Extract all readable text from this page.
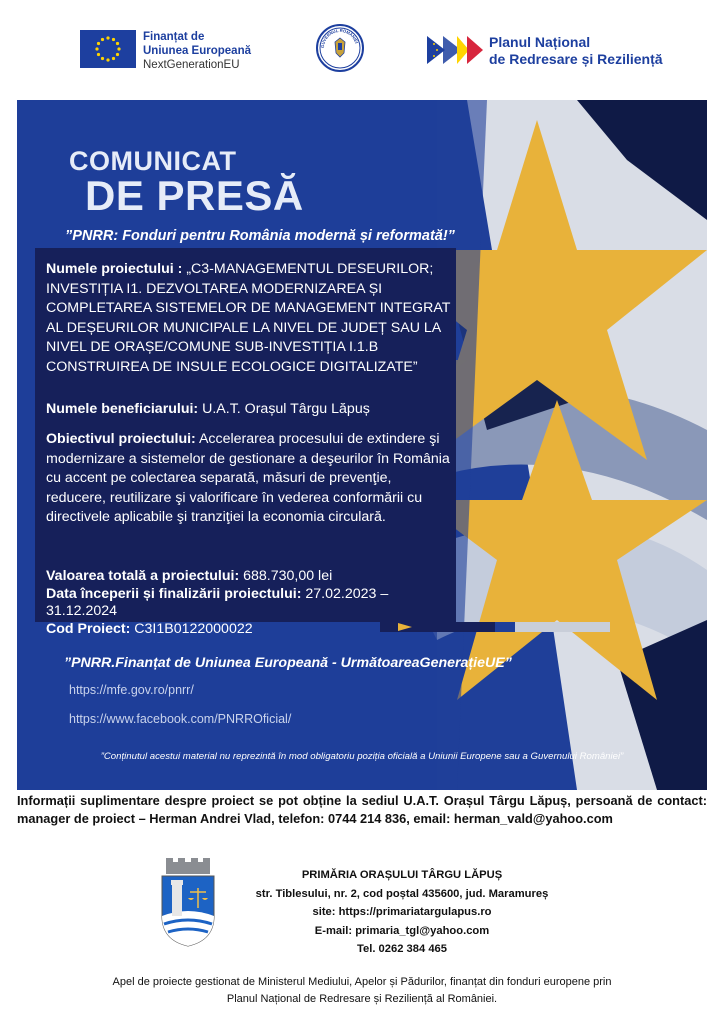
Finanțat de
Uniunea Europeană
NextGenerationEU
GUVERNUL ROMÂNIEI	Planul Național
de Redresare și Reziliență
COMUNICAT
DE PRESĂ
”PNRR: Fonduri pentru România modernă și reformată!”
Numele proiectului : „C3-MANAGEMENTUL DESEURILOR; INVESTIȚIA I1. DEZVOLTAREA MODERNIZAREA ȘI COMPLETAREA SISTEMELOR DE MANAGEMENT INTEGRAT AL DEȘEURILOR MUNICIPALE LA NIVEL DE JUDEȚ SAU LA NIVEL DE ORAȘE/COMUNE SUB-INVESTIȚIA I.1.B CONSTRUIREA DE INSULE ECOLOGICE DIGITALIZATE”
Numele beneficiarului: U.A.T. Orașul Târgu Lăpuș
Obiectivul proiectului: Accelerarea procesului de extindere şi modernizare a sistemelor de gestionare a deşeurilor în România cu accent pe colectarea separată, măsuri de prevenţie, reducere, reutilizare şi valorificare în vederea conformării cu directivele aplicabile şi tranziţiei la economia circulară.
Valoarea totală a proiectului: 688.730,00 lei
Data începerii și finalizării proiectului: 27.02.2023 – 31.12.2024
Cod Proiect: C3I1B0122000022
”PNRR.Finanțat de Uniunea Europeană - UrmătoareaGenerațieUE”
https://mfe.gov.ro/pnrr/
https://www.facebook.com/PNRROficial/
”Conținutul acestui material nu reprezintă în mod obligatoriu poziția oficială a Uniunii Europene sau a Guvernului României”
Informații suplimentare despre proiect se pot obține la sediul U.A.T. Orașul Târgu Lăpuș, persoană de contact: manager de proiect – Herman Andrei Vlad, telefon: 0744 214 836, email: herman_vald@yahoo.com
PRIMĂRIA ORAȘULUI TÂRGU LĂPUȘ
str. Tiblesului, nr. 2, cod poștal 435600, jud. Maramureș
site: https://primariatargulapus.ro
E-mail: primaria_tgl@yahoo.com
Tel. 0262 384 465
Apel de proiecte gestionat de Ministerul Mediului, Apelor și Pădurilor, finanțat din fonduri europene prin
Planul Național de Redresare și Reziliență al României.
